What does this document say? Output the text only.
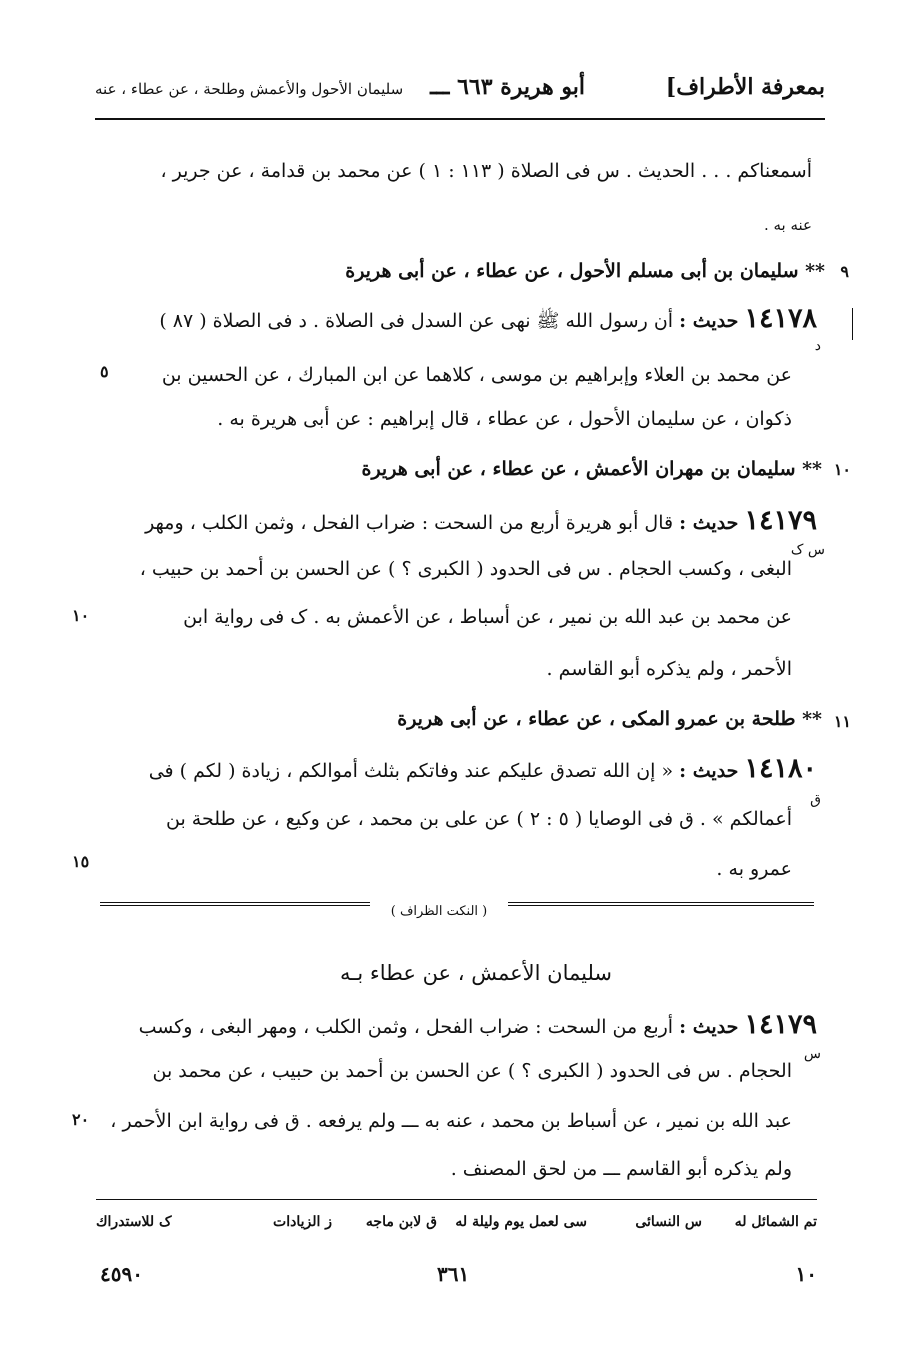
بمعرفة الأطراف]
أبو هريرة ٦٦٣ ـــ
سليمان الأحول والأعمش وطلحة ، عن عطاء ، عنه
أسمعناكم . . . الحديث . س فى الصلاة ( ١١٣ : ١ ) عن محمد بن قدامة ، عن جرير ،
عنه به .
٩
** سليمان بن أبى مسلم الأحول ، عن عطاء ، عن أبى هريرة
١٤١٧٨ حديث : أن رسول الله ﷺ نهى عن السدل فى الصلاة . د فى الصلاة ( ٨٧ )
د
عن محمد بن العلاء وإبراهيم بن موسى ، كلاهما عن ابن المبارك ، عن الحسين بن
٥
ذكوان ، عن سليمان الأحول ، عن عطاء ، قال إبراهيم : عن أبى هريرة به .
١٠
** سليمان بن مهران الأعمش ، عن عطاء ، عن أبى هريرة
١٤١٧٩ حديث : قال أبو هريرة أربع من السحت : ضراب الفحل ، وثمن الكلب ، ومهر
س ک
البغى ، وكسب الحجام . س فى الحدود ( الكبرى ؟ ) عن الحسن بن أحمد بن حبيب ،
عن محمد بن عبد الله بن نمير ، عن أسباط ، عن الأعمش به . ک فى رواية ابن
١٠
الأحمر ، ولم يذكره أبو القاسم .
١١
** طلحة بن عمرو المكى ، عن عطاء ، عن أبى هريرة
١٤١٨٠ حديث : « إن الله تصدق عليكم عند وفاتكم بثلث أموالكم ، زيادة ( لكم ) فى
ق
أعمالكم » . ق فى الوصايا ( ٥ : ٢ ) عن على بن محمد ، عن وكيع ، عن طلحة بن
عمرو به .
١٥
( النكت الظراف )
سليمان الأعمش ، عن عطاء بـه
١٤١٧٩ حديث : أربع من السحت : ضراب الفحل ، وثمن الكلب ، ومهر البغى ، وكسب
س
الحجام . س فى الحدود ( الكبرى ؟ ) عن الحسن بن أحمد بن حبيب ، عن محمد بن
عبد الله بن نمير ، عن أسباط بن محمد ، عنه به ـــ ولم يرفعه . ق فى رواية ابن الأحمر ،
٢٠
ولم يذكره أبو القاسم ـــ من لحق المصنف .
تم الشمائل له
س النسائى
سى لعمل يوم وليلة له
ق لابن ماجه
ز الزيادات
ک للاستدراك
١٠
٣٦١
٤٥٩٠
